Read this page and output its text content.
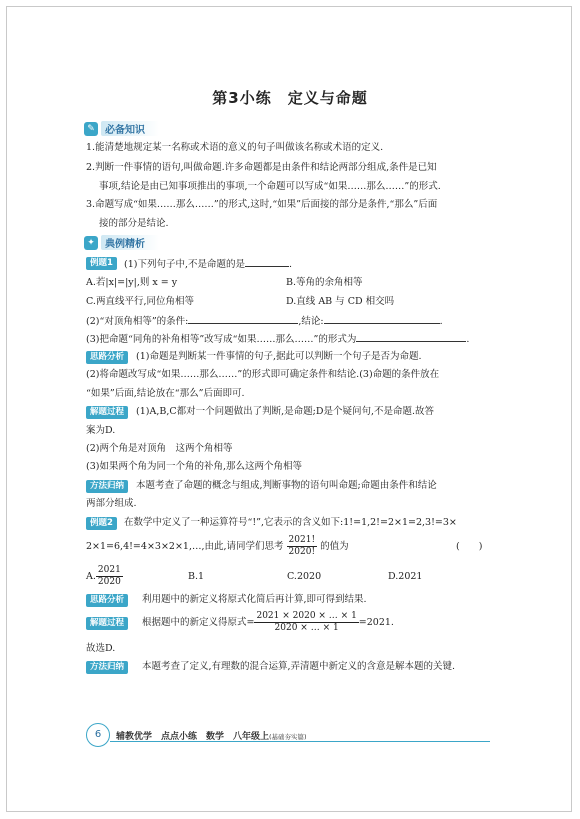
第3小练 定义与命题
✎	必备知识
1.能清楚地规定某一名称或术语的意义的句子叫做该名称或术语的定义.
2.判断一件事情的语句,叫做命题.许多命题都是由条件和结论两部分组成,条件是已知
事项,结论是由已知事项推出的事项,一个命题可以写成“如果……那么……”的形式.
3.命题写成“如果……那么……”的形式,这时,“如果”后面接的部分是条件,“那么”后面
接的部分是结论.
✦	典例精析
例题1	(1)下列句子中,不是命题的是	.
A.若|x|=|y|,则 x = y	B.等角的余角相等
C.两直线平行,同位角相等	D.直线 AB 与 CD 相交吗
(2)“对顶角相等”的条件:	,结论:	.
(3)把命题“同角的补角相等”改写成“如果……那么……”的形式为	.
思路分析	(1)命题是判断某一件事情的句子,据此可以判断一个句子是否为命题.
(2)将命题改写成“如果……那么……”的形式即可确定条件和结论.(3)命题的条件放在
“如果”后面,结论放在“那么”后面即可.
解题过程	(1)A,B,C都对一个问题做出了判断,是命题;D是个疑问句,不是命题.故答
案为D.
(2)两个角是对顶角　这两个角相等
(3)如果两个角为同一个角的补角,那么这两个角相等
方法归纳	本题考查了命题的概念与组成,判断事物的语句叫命题;命题由条件和结论
两部分组成.
例题2	在数学中定义了一种运算符号“!”,它表示的含义如下:1!=1,2!=2×1=2,3!=3×
2×1=6,4!=4×3×2×1,…,由此,请同学们思考 $\frac{2021!}{2020!}$ 的值为	(　　)
A. $\frac{2021}{2020}$	B.1	C.2020	D.2021
思路分析	利用题中的新定义将原式化简后再计算,即可得到结果.
解题过程	根据题中的新定义得原式= $\frac{2021 \times 2020 \times \dots \times 1}{2020 \times \dots \times 1} =2021$.
故选D.
方法归纳	本题考查了定义,有理数的混合运算,弄清题中新定义的含意是解本题的关键.
6	辅教优学　点点小练　数学　八年级上(基础夯实篇)
